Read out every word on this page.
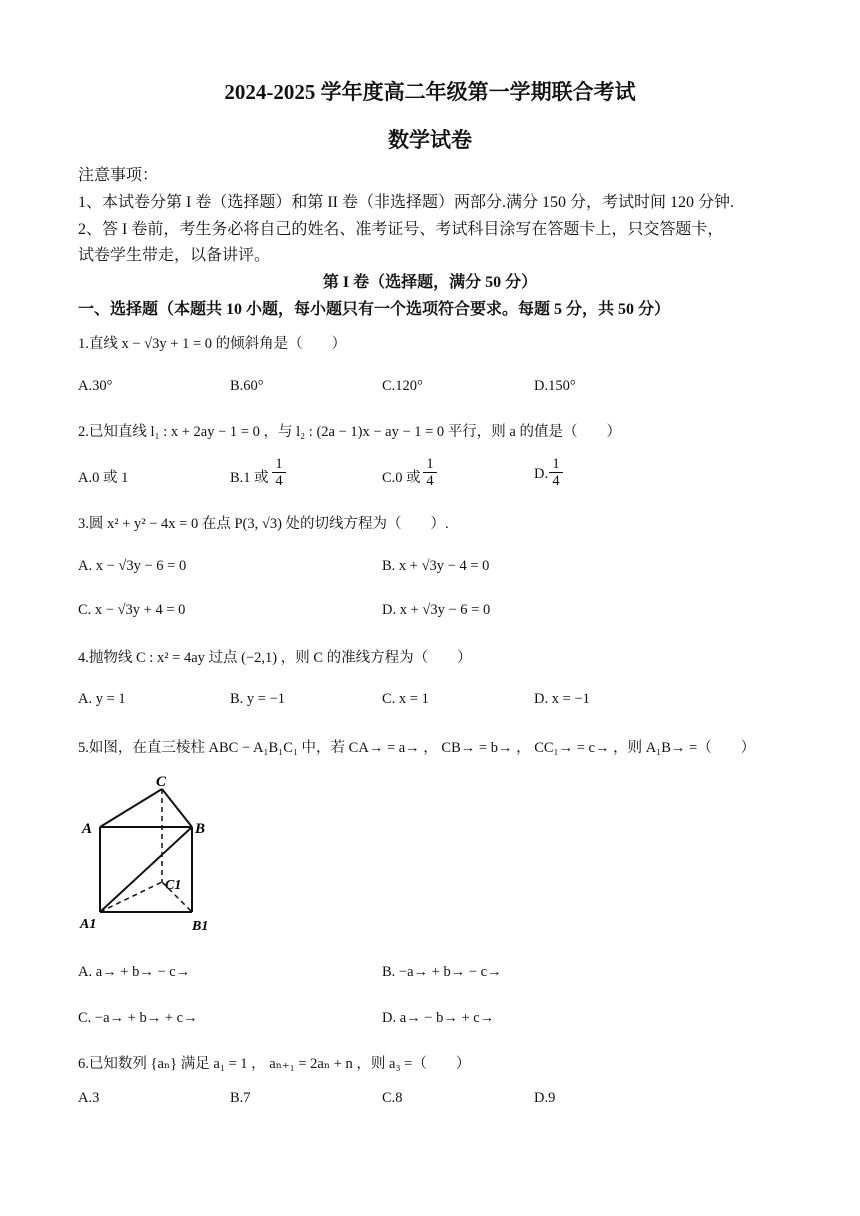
2024-2025 学年度高二年级第一学期联合考试
数学试卷
注意事项：
1、本试卷分第 I 卷（选择题）和第 II 卷（非选择题）两部分.满分 150 分，考试时间 120 分钟.
2、答 I 卷前，考生务必将自己的姓名、准考证号、考试科目涂写在答题卡上，只交答题卡，
试卷学生带走，以备讲评。
第 I 卷（选择题，满分 50 分）
一、选择题（本题共 10 小题，每小题只有一个选项符合要求。每题 5 分，共 50 分）
1.直线 x − √3y + 1 = 0 的倾斜角是（　　）
A.30°	B.60°	C.120°	D.150°
2.已知直线 l₁ : x + 2ay − 1 = 0 ，与 l₂ : (2a − 1)x − ay − 1 = 0 平行，则 a 的值是（　　）
A.0 或 1	B.1 或 $\frac{1}{4}$	C.0 或 $\frac{1}{4}$	D. $\frac{1}{4}$
3.圆 x² + y² − 4x = 0 在点 P(3, √3) 处的切线方程为（　　）.
A. x − √3y − 6 = 0	B. x + √3y − 4 = 0
C. x − √3y + 4 = 0	D. x + √3y − 6 = 0
4.抛物线 C : x² = 4ay 过点 (−2,1) ，则 C 的准线方程为（　　）
A. y = 1	B. y = −1	C. x = 1	D. x = −1
5.如图，在直三棱柱 ABC − A₁B₁C₁ 中，若 CA→ = a→ ， CB→ = b→ ， CC₁→ = c→ ，则 A₁B→ =（　　）
C
A	B
C1
A1	B1
A. a→ + b→ − c→	B. −a→ + b→ − c→
C. −a→ + b→ + c→	D. a→ − b→ + c→
6.已知数列 {aₙ} 满足 a₁ = 1 ， aₙ₊₁ = 2aₙ + n ，则 a₃ =（　　）
A.3	B.7	C.8	D.9
